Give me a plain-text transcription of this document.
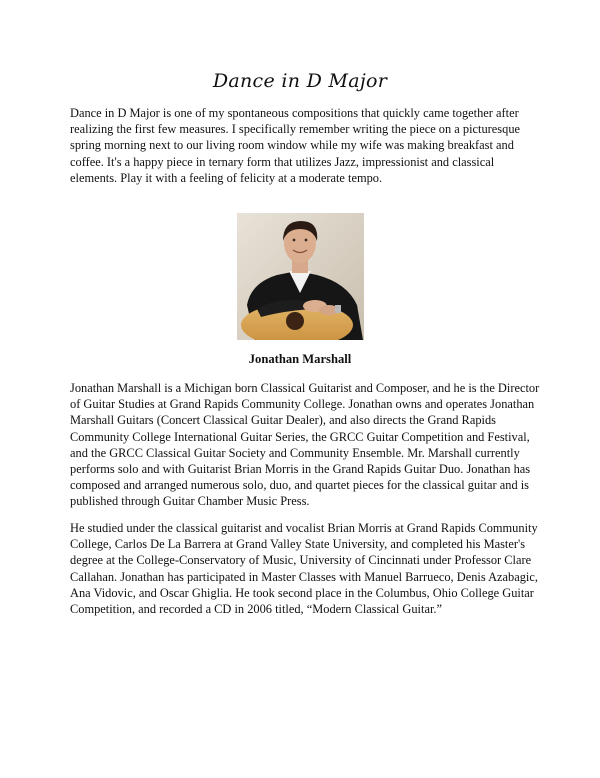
Dance in D Major

Dance in D Major is one of my spontaneous compositions that quickly came together after realizing the first few measures. I specifically remember writing the piece on a picturesque spring morning next to our living room window while my wife was making breakfast and coffee. It's a happy piece in ternary form that utilizes Jazz, impressionist and classical elements. Play it with a feeling of felicity at a moderate tempo.

Jonathan Marshall

Jonathan Marshall is a Michigan born Classical Guitarist and Composer, and he is the Director of Guitar Studies at Grand Rapids Community College. Jonathan owns and operates Jonathan Marshall Guitars (Concert Classical Guitar Dealer), and also directs the Grand Rapids Community College International Guitar Series, the GRCC Guitar Competition and Festival, and the GRCC Classical Guitar Society and Community Ensemble. Mr. Marshall currently performs solo and with Guitarist Brian Morris in the Grand Rapids Guitar Duo. Jonathan has composed and arranged numerous solo, duo, and quartet pieces for the classical guitar and is published through Guitar Chamber Music Press.

He studied under the classical guitarist and vocalist Brian Morris at Grand Rapids Community College, Carlos De La Barrera at Grand Valley State University, and completed his Master's degree at the College-Conservatory of Music, University of Cincinnati under Professor Clare Callahan. Jonathan has participated in Master Classes with Manuel Barrueco, Denis Azabagic, Ana Vidovic, and Oscar Ghiglia. He took second place in the Columbus, Ohio College Guitar Competition, and recorded a CD in 2006 titled, “Modern Classical Guitar.”
